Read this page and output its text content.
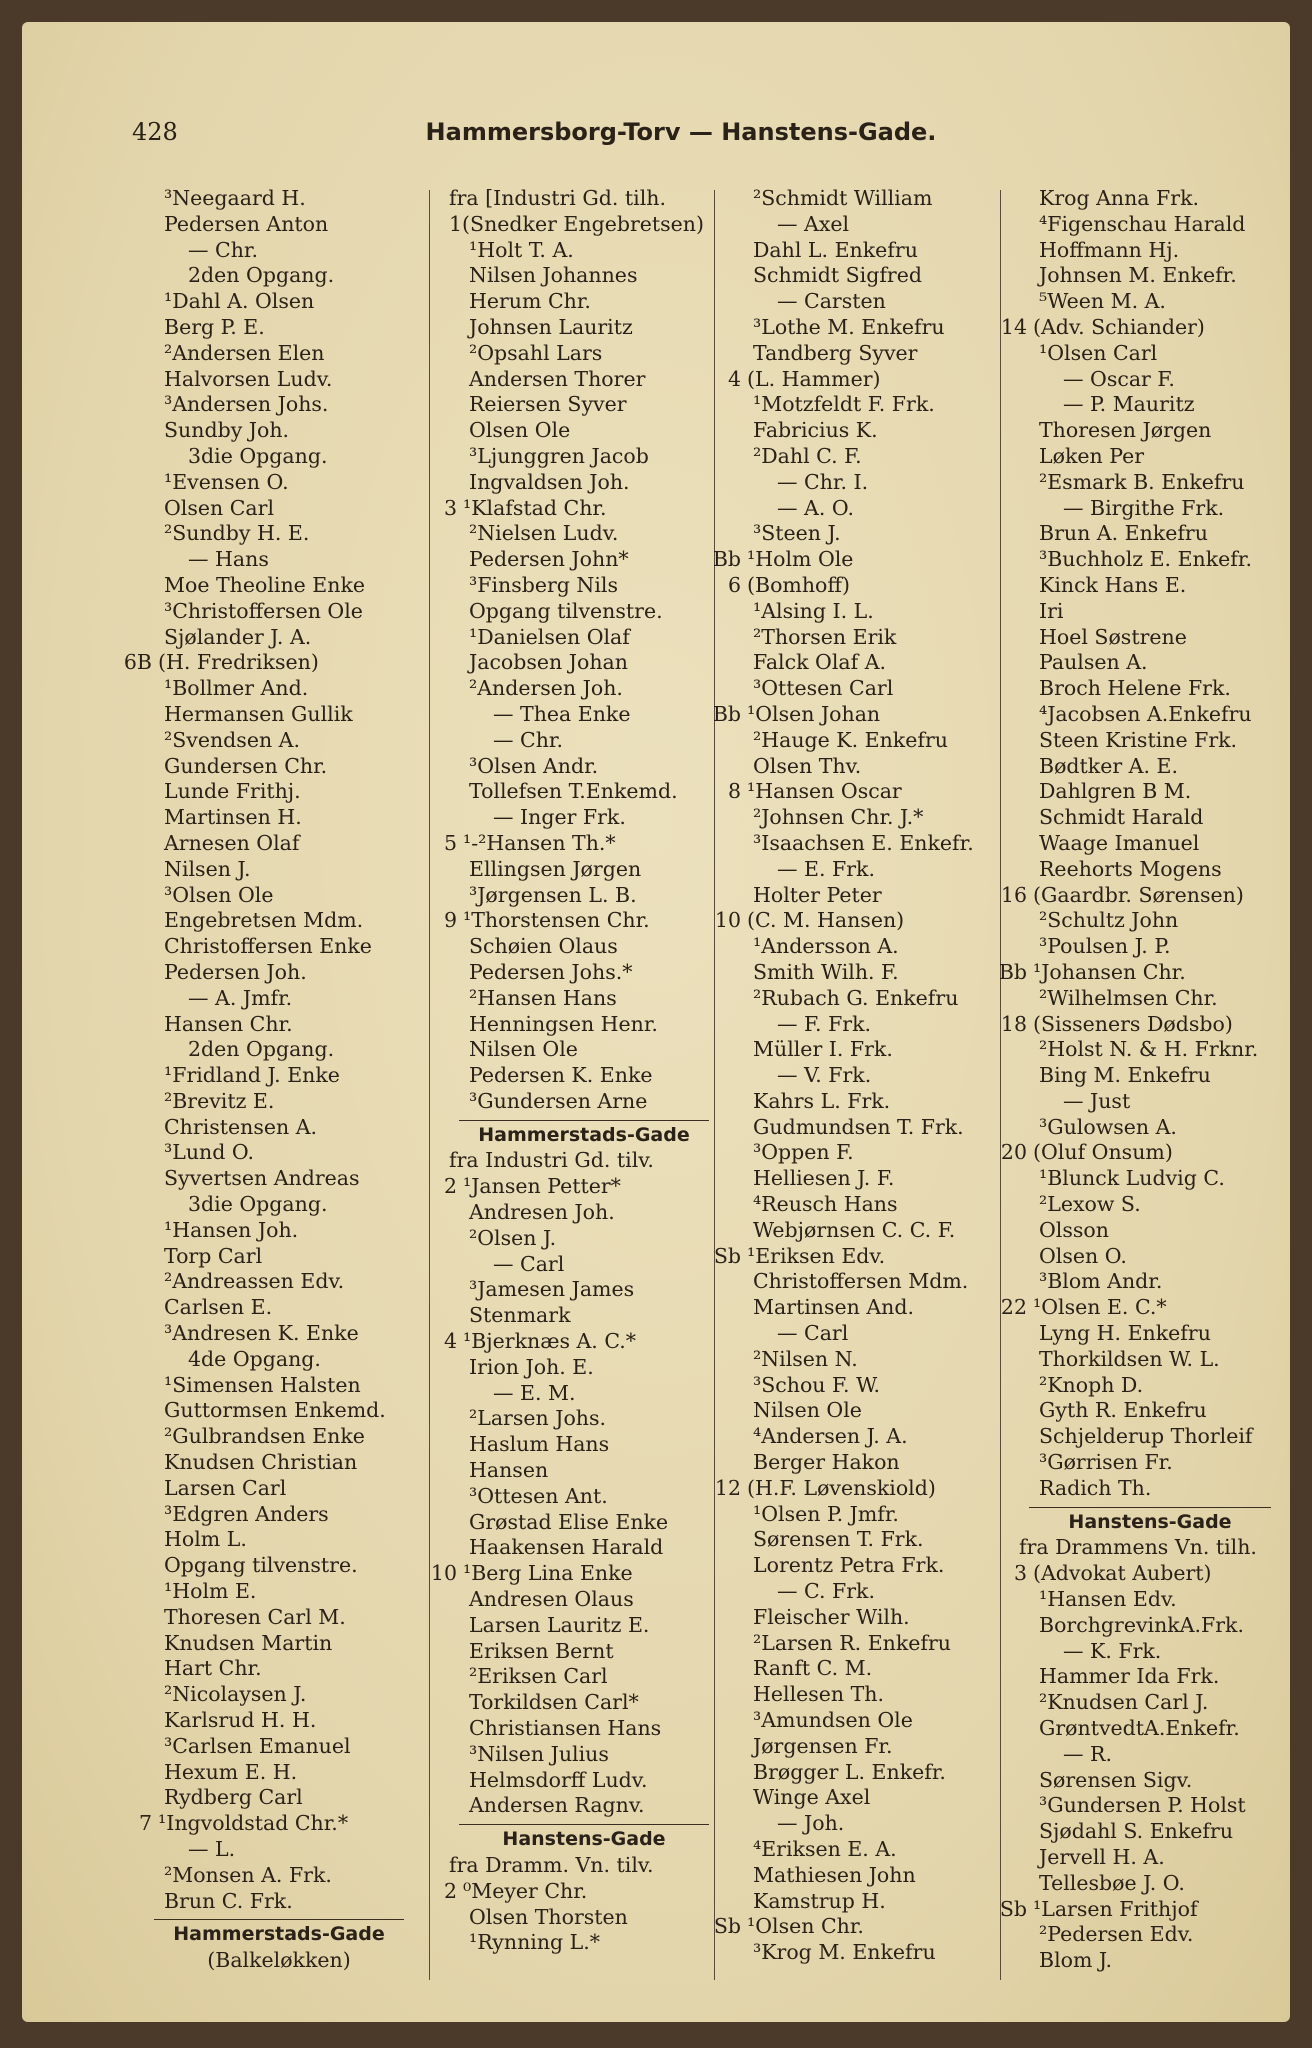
428	Hammersborg-Torv — Hanstens-Gade.
³Neegaard H.
Pedersen Anton
— Chr.
2den Opgang.
¹Dahl A. Olsen
Berg P. E.
²Andersen Elen
Halvorsen Ludv.
³Andersen Johs.
Sundby Joh.
3die Opgang.
¹Evensen O.
Olsen Carl
²Sundby H. E.
— Hans
Moe Theoline Enke
³Christoffersen Ole
Sjølander J. A.
6B (H. Fredriksen)
¹Bollmer And.
Hermansen Gullik
²Svendsen A.
Gundersen Chr.
Lunde Frithj.
Martinsen H.
Arnesen Olaf
Nilsen J.
³Olsen Ole
Engebretsen Mdm.
Christoffersen Enke
Pedersen Joh.
— A. Jmfr.
Hansen Chr.
2den Opgang.
¹Fridland J. Enke
²Brevitz E.
Christensen A.
³Lund O.
Syvertsen Andreas
3die Opgang.
¹Hansen Joh.
Torp Carl
²Andreassen Edv.
Carlsen E.
³Andresen K. Enke
4de Opgang.
¹Simensen Halsten
Guttormsen Enkemd.
²Gulbrandsen Enke
Knudsen Christian
Larsen Carl
³Edgren Anders
Holm L.
Opgang tilvenstre.
¹Holm E.
Thoresen Carl M.
Knudsen Martin
Hart Chr.
²Nicolaysen J.
Karlsrud H. H.
³Carlsen Emanuel
Hexum E. H.
Rydberg Carl
7 ¹Ingvoldstad Chr.*
— L.
²Monsen A. Frk.
Brun C. Frk.
Hammerstads-Gade
(Balkeløkken)
fra [Industri Gd. tilh.
1(Snedker Engebretsen)
¹Holt T. A.
Nilsen Johannes
Herum Chr.
Johnsen Lauritz
²Opsahl Lars
Andersen Thorer
Reiersen Syver
Olsen Ole
³Ljunggren Jacob
Ingvaldsen Joh.
3 ¹Klafstad Chr.
²Nielsen Ludv.
Pedersen John*
³Finsberg Nils
Opgang tilvenstre.
¹Danielsen Olaf
Jacobsen Johan
²Andersen Joh.
— Thea Enke
— Chr.
³Olsen Andr.
Tollefsen T.Enkemd.
— Inger Frk.
5 ¹-²Hansen Th.*
Ellingsen Jørgen
³Jørgensen L. B.
9 ¹Thorstensen Chr.
Schøien Olaus
Pedersen Johs.*
²Hansen Hans
Henningsen Henr.
Nilsen Ole
Pedersen K. Enke
³Gundersen Arne
Hammerstads-Gade
fra Industri Gd. tilv.
2 ¹Jansen Petter*
Andresen Joh.
²Olsen J.
— Carl
³Jamesen James
Stenmark
4 ¹Bjerknæs A. C.*
Irion Joh. E.
— E. M.
²Larsen Johs.
Haslum Hans
Hansen
³Ottesen Ant.
Grøstad Elise Enke
Haakensen Harald
10 ¹Berg Lina Enke
Andresen Olaus
Larsen Lauritz E.
Eriksen Bernt
²Eriksen Carl
Torkildsen Carl*
Christiansen Hans
³Nilsen Julius
Helmsdorff Ludv.
Andersen Ragnv.
Hanstens-Gade
fra Dramm. Vn. tilv.
2 ⁰Meyer Chr.
Olsen Thorsten
¹Rynning L.*
²Schmidt William
— Axel
Dahl L. Enkefru
Schmidt Sigfred
— Carsten
³Lothe M. Enkefru
Tandberg Syver
4 (L. Hammer)
¹Motzfeldt F. Frk.
Fabricius K.
²Dahl C. F.
— Chr. I.
— A. O.
³Steen J.
Bb ¹Holm Ole
6 (Bomhoff)
¹Alsing I. L.
²Thorsen Erik
Falck Olaf A.
³Ottesen Carl
Bb ¹Olsen Johan
²Hauge K. Enkefru
Olsen Thv.
8 ¹Hansen Oscar
²Johnsen Chr. J.*
³Isaachsen E. Enkefr.
— E. Frk.
Holter Peter
10 (C. M. Hansen)
¹Andersson A.
Smith Wilh. F.
²Rubach G. Enkefru
— F. Frk.
Müller I. Frk.
— V. Frk.
Kahrs L. Frk.
Gudmundsen T. Frk.
³Oppen F.
Helliesen J. F.
⁴Reusch Hans
Webjørnsen C. C. F.
Sb ¹Eriksen Edv.
Christoffersen Mdm.
Martinsen And.
— Carl
²Nilsen N.
³Schou F. W.
Nilsen Ole
⁴Andersen J. A.
Berger Hakon
12 (H.F. Løvenskiold)
¹Olsen P. Jmfr.
Sørensen T. Frk.
Lorentz Petra Frk.
— C. Frk.
Fleischer Wilh.
²Larsen R. Enkefru
Ranft C. M.
Hellesen Th.
³Amundsen Ole
Jørgensen Fr.
Brøgger L. Enkefr.
Winge Axel
— Joh.
⁴Eriksen E. A.
Mathiesen John
Kamstrup H.
Sb ¹Olsen Chr.
³Krog M. Enkefru
Krog Anna Frk.
⁴Figenschau Harald
Hoffmann Hj.
Johnsen M. Enkefr.
⁵Ween M. A.
14 (Adv. Schiander)
¹Olsen Carl
— Oscar F.
— P. Mauritz
Thoresen Jørgen
Løken Per
²Esmark B. Enkefru
— Birgithe Frk.
Brun A. Enkefru
³Buchholz E. Enkefr.
Kinck Hans E.
Iri
Hoel Søstrene
Paulsen A.
Broch Helene Frk.
⁴Jacobsen A.Enkefru
Steen Kristine Frk.
Bødtker A. E.
Dahlgren B M.
Schmidt Harald
Waage Imanuel
Reehorts Mogens
16 (Gaardbr. Sørensen)
²Schultz John
³Poulsen J. P.
Bb ¹Johansen Chr.
²Wilhelmsen Chr.
18 (Sisseners Dødsbo)
²Holst N. & H. Frknr.
Bing M. Enkefru
— Just
³Gulowsen A.
20 (Oluf Onsum)
¹Blunck Ludvig C.
²Lexow S.
Olsson
Olsen O.
³Blom Andr.
22 ¹Olsen E. C.*
Lyng H. Enkefru
Thorkildsen W. L.
²Knoph D.
Gyth R. Enkefru
Schjelderup Thorleif
³Gørrisen Fr.
Radich Th.
Hanstens-Gade
fra Drammens Vn. tilh.
3 (Advokat Aubert)
¹Hansen Edv.
BorchgrevinkA.Frk.
— K. Frk.
Hammer Ida Frk.
²Knudsen Carl J.
GrøntvedtA.Enkefr.
— R.
Sørensen Sigv.
³Gundersen P. Holst
Sjødahl S. Enkefru
Jervell H. A.
Tellesbøe J. O.
Sb ¹Larsen Frithjof
²Pedersen Edv.
Blom J.
